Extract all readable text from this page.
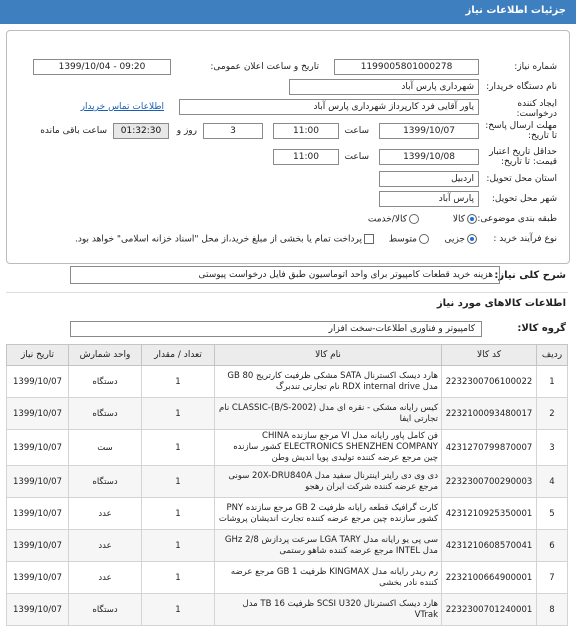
جزئیات اطلاعات نیاز
شماره نیاز:
1199005801000278
تاریخ و ساعت اعلان عمومی:
1399/10/04 - 09:20
نام دستگاه خریدار:
شهرداری پارس آباد
ایجاد کننده درخواست:
یاور آقایی فرد کارپرداز شهرداری پارس آباد
اطلاعات تماس خریدار
مهلت ارسال پاسخ: تا تاریخ:
1399/10/07
ساعت
11:00
3
روز و
01:32:30
ساعت باقی مانده
حداقل تاریخ اعتبار قیمت: تا تاریخ:
1399/10/08
ساعت
11:00
استان محل تحویل:
اردبیل
شهر محل تحویل:
پارس آباد
طبقه بندی موضوعی:
کالا
کالا/خدمت
نوع فرآیند خرید :
جزیی
متوسط
پرداخت تمام یا بخشی از مبلغ خرید،از محل "اسناد خزانه اسلامی" خواهد بود.
شرح کلی نیاز:
هزینه خرید قطعات کامپیوتر برای واحد اتوماسیون طبق فایل درخواست پیوستی
اطلاعات کالاهای مورد نیاز
گروه کالا:
کامپیوتر و فناوری اطلاعات-سخت افزار
ردیف	کد کالا	نام کالا	تعداد / مقدار	واحد شمارش	تاریخ نیاز
1	2232300706100022	هارد دیسک اکسترنال SATA مشکی ظرفیت کارتریج 80 GB مدل RDX internal drive نام تجارتی تندبرگ	1	دستگاه	1399/10/07
2	2232100093480017	کیس رایانه مشکی - نقره ای مدل CLASSIC-(B/S-2002) نام تجارتی ایفا	1	دستگاه	1399/10/07
3	4231270799870007	فن کامل پاور رایانه مدل VI مرجع سازنده CHINA ELECTRONICS SHENZHEN COMPANY کشور سازنده چین مرجع عرضه کننده تولیدی پویا اندیش وطن	1	ست	1399/10/07
4	2232300700290003	دی وی دی رایتر اینترنال سفید مدل 20X-DRU840A سونی مرجع عرضه کننده شرکت ایران رهجو	1	دستگاه	1399/10/07
5	4231210925350001	کارت گرافیک قطعه رایانه ظرفیت GB 2 مرجع سازنده PNY کشور سازنده چین مرجع عرضه کننده تجارت اندیشان پروشات	1	عدد	1399/10/07
6	4231210608570041	سی پی یو رایانه مدل LGA TARY سرعت پردازش GHz 2/8 مدل INTEL مرجع عرضه کننده شاهو رستمی	1	عدد	1399/10/07
7	2232100664900001	رم ریدر رایانه مدل KINGMAX ظرفیت GB 1 مرجع عرضه کننده نادر بخشی	1	عدد	1399/10/07
8	2232300701240001	هارد دیسک اکسترنال SCSI U320 ظرفیت TB 16 مدل VTrak	1	دستگاه	1399/10/07
